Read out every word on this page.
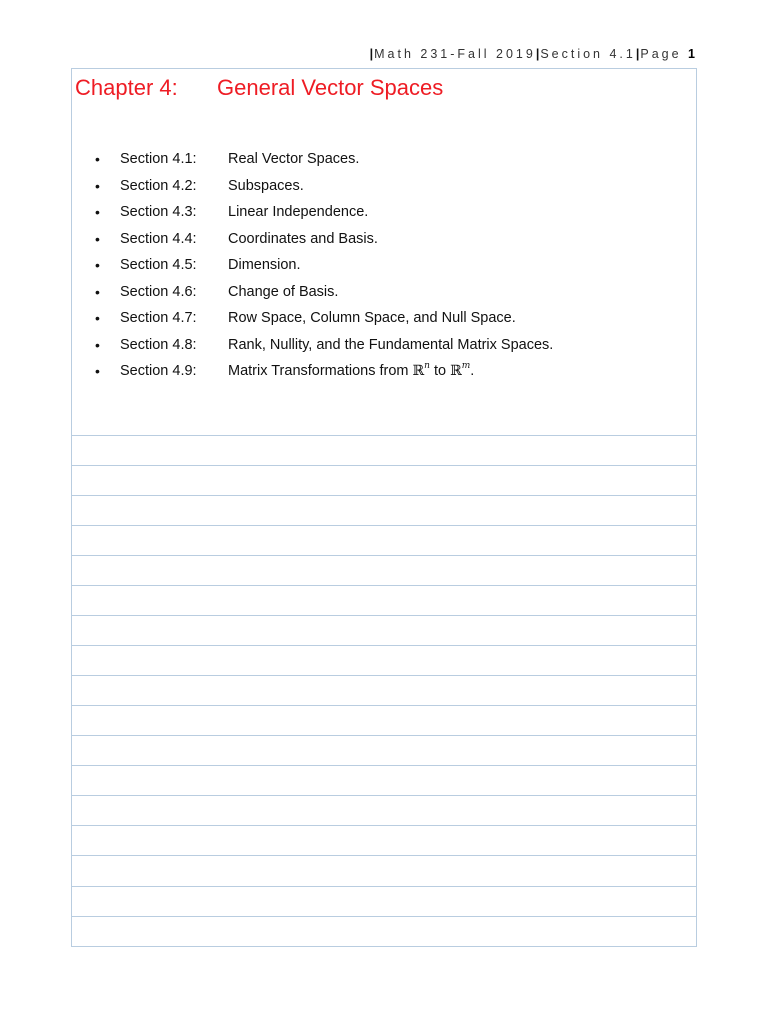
|Math 231-Fall 2019|Section 4.1|Page 1
Chapter 4: General Vector Spaces
•	Section 4.1: Real Vector Spaces.
•	Section 4.2: Subspaces.
•	Section 4.3: Linear Independence.
•	Section 4.4: Coordinates and Basis.
•	Section 4.5: Dimension.
•	Section 4.6: Change of Basis.
•	Section 4.7: Row Space, Column Space, and Null Space.
•	Section 4.8: Rank, Nullity, and the Fundamental Matrix Spaces.
•	Section 4.9: Matrix Transformations from ℝ$^n$ to ℝ$^m$.
